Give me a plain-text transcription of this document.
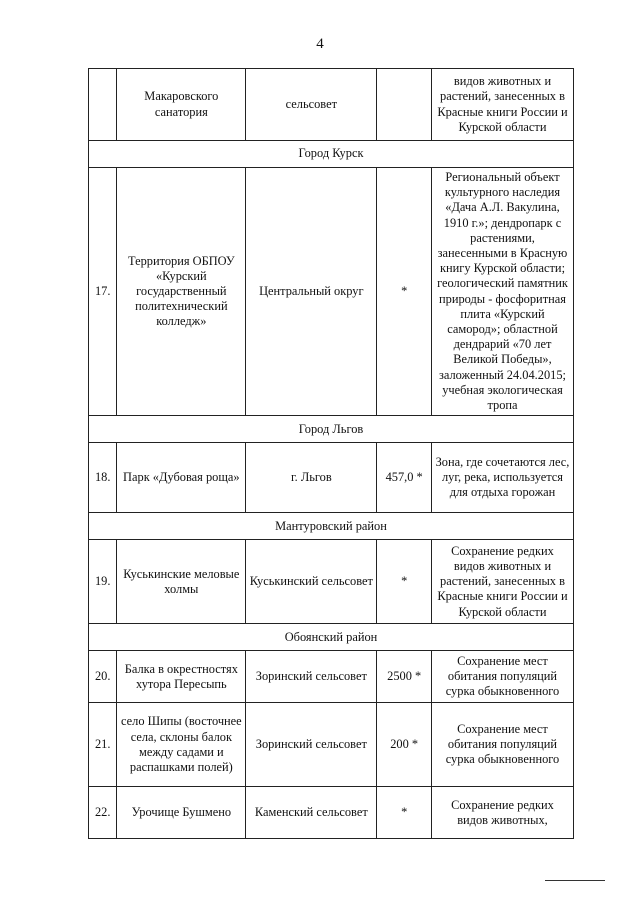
4
	Макаровского санатория	сельсовет		видов животных и растений, занесенных в Красные книги России и Курской области
Город Курск				
17.	Территория ОБПОУ «Курский государственный политехнический колледж»	Центральный округ	*	Региональный объект культурного наследия «Дача А.Л. Вакулина, 1910 г.»; дендропарк с растениями, занесенными в Красную книгу Курской области; геологический памятник природы - фосфоритная плита «Курский самород»; областной дендрарий «70 лет Великой Победы», заложенный 24.04.2015; учебная экологическая тропа
Город Льгов				
18.	Парк «Дубовая роща»	г. Льгов	457,0 *	Зона, где сочетаются лес, луг, река, используется для отдыха горожан
Мантуровский район				
19.	Куськинские меловые холмы	Куськинский сельсовет	*	Сохранение редких видов животных и растений, занесенных в Красные книги России и Курской области
Обоянский район				
20.	Балка в окрестностях хутора Пересыпь	Зоринский сельсовет	2500 *	Сохранение мест обитания популяций сурка обыкновенного
21.	село Шипы (восточнее села, склоны балок между садами и распашками полей)	Зоринский сельсовет	200 *	Сохранение мест обитания популяций сурка обыкновенного
22.	Урочище Бушмено	Каменский сельсовет	*	Сохранение редких видов животных,
